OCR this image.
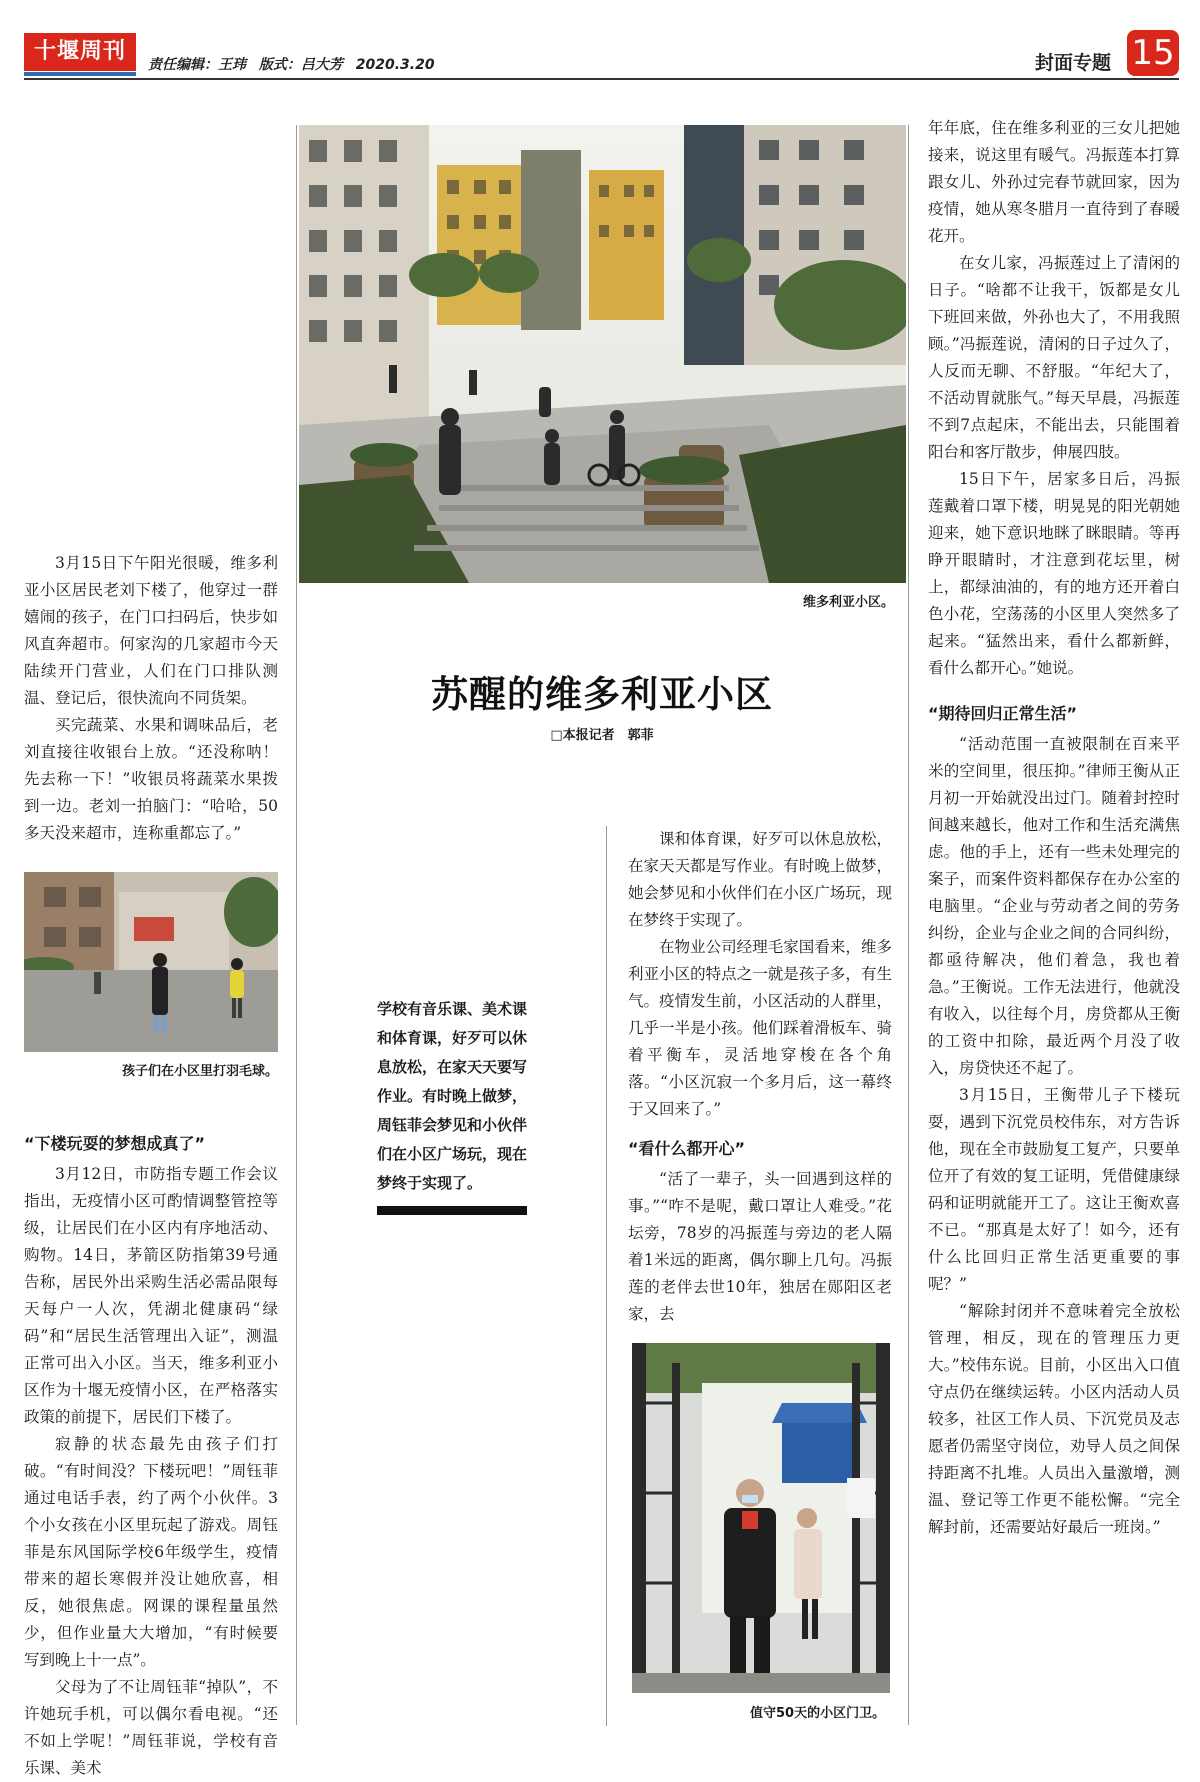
十堰周刊
责任编辑：王玮 版式：吕大芳 2020.3.20	封面专题 15
维多利亚小区。
苏醒的维多利亚小区
□本报记者　郭菲

3月15日下午阳光很暖，维多利亚小区居民老刘下楼了，他穿过一群嬉闹的孩子，在门口扫码后，快步如风直奔超市。何家沟的几家超市今天陆续开门营业，人们在门口排队测温、登记后，很快流向不同货架。

买完蔬菜、水果和调味品后，老刘直接往收银台上放。“还没称呐！先去称一下！”收银员将蔬菜水果拨到一边。老刘一拍脑门：“哈哈，50多天没来超市，连称重都忘了。”

孩子们在小区里打羽毛球。
“下楼玩耍的梦想成真了”

3月12日，市防指专题工作会议指出，无疫情小区可酌情调整管控等级，让居民们在小区内有序地活动、购物。14日，茅箭区防指第39号通告称，居民外出采购生活必需品限每天每户一人次，凭湖北健康码“绿码”和“居民生活管理出入证”，测温正常可出入小区。当天，维多利亚小区作为十堰无疫情小区，在严格落实政策的前提下，居民们下楼了。

寂静的状态最先由孩子们打破。“有时间没？下楼玩吧！”周钰菲通过电话手表，约了两个小伙伴。3个小女孩在小区里玩起了游戏。周钰菲是东风国际学校6年级学生，疫情带来的超长寒假并没让她欣喜，相反，她很焦虑。网课的课程量虽然少，但作业量大大增加，“有时候要写到晚上十一点”。

父母为了不让周钰菲“掉队”，不许她玩手机，可以偶尔看电视。“还不如上学呢！”周钰菲说，学校有音乐课、美术

学校有音乐课、美术课和体育课，好歹可以休息放松，在家天天要写作业。有时晚上做梦，周钰菲会梦见和小伙伴们在小区广场玩，现在梦终于实现了。

课和体育课，好歹可以休息放松，在家天天都是写作业。有时晚上做梦，她会梦见和小伙伴们在小区广场玩，现在梦终于实现了。

在物业公司经理毛家国看来，维多利亚小区的特点之一就是孩子多，有生气。疫情发生前，小区活动的人群里，几乎一半是小孩。他们踩着滑板车、骑着平衡车，灵活地穿梭在各个角落。“小区沉寂一个多月后，这一幕终于又回来了。”

“看什么都开心”

“活了一辈子，头一回遇到这样的事。”“咋不是呢，戴口罩让人难受。”花坛旁，78岁的冯振莲与旁边的老人隔着1米远的距离，偶尔聊上几句。冯振莲的老伴去世10年，独居在郧阳区老家，去

值守50天的小区门卫。

年年底，住在维多利亚的三女儿把她接来，说这里有暖气。冯振莲本打算跟女儿、外孙过完春节就回家，因为疫情，她从寒冬腊月一直待到了春暖花开。

在女儿家，冯振莲过上了清闲的日子。“啥都不让我干，饭都是女儿下班回来做，外孙也大了，不用我照顾。”冯振莲说，清闲的日子过久了，人反而无聊、不舒服。“年纪大了，不活动胃就胀气。”每天早晨，冯振莲不到7点起床，不能出去，只能围着阳台和客厅散步，伸展四肢。

15日下午，居家多日后，冯振莲戴着口罩下楼，明晃晃的阳光朝她迎来，她下意识地眯了眯眼睛。等再睁开眼睛时，才注意到花坛里，树上，都绿油油的，有的地方还开着白色小花，空荡荡的小区里人突然多了起来。“猛然出来，看什么都新鲜，看什么都开心。”她说。

“期待回归正常生活”

“活动范围一直被限制在百来平米的空间里，很压抑。”律师王衡从正月初一开始就没出过门。随着封控时间越来越长，他对工作和生活充满焦虑。他的手上，还有一些未处理完的案子，而案件资料都保存在办公室的电脑里。“企业与劳动者之间的劳务纠纷，企业与企业之间的合同纠纷，都亟待解决，他们着急，我也着急。”王衡说。工作无法进行，他就没有收入，以往每个月，房贷都从王衡的工资中扣除，最近两个月没了收入，房贷快还不起了。

3月15日，王衡带儿子下楼玩耍，遇到下沉党员校伟东，对方告诉他，现在全市鼓励复工复产，只要单位开了有效的复工证明，凭借健康绿码和证明就能开工了。这让王衡欢喜不已。“那真是太好了！如今，还有什么比回归正常生活更重要的事呢？”

“解除封闭并不意味着完全放松管理，相反，现在的管理压力更大。”校伟东说。目前，小区出入口值守点仍在继续运转。小区内活动人员较多，社区工作人员、下沉党员及志愿者仍需坚守岗位，劝导人员之间保持距离不扎堆。人员出入量激增，测温、登记等工作更不能松懈。“完全解封前，还需要站好最后一班岗。”
